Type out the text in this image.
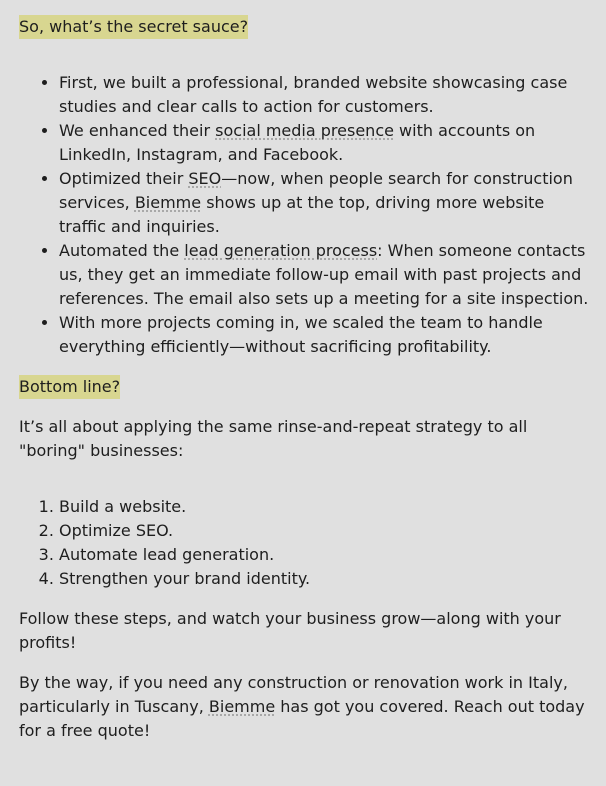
So, what’s the secret sauce?
• First, we built a professional, branded website showcasing case studies and clear calls to action for customers.
• We enhanced their social media presence with accounts on LinkedIn, Instagram, and Facebook.
• Optimized their SEO—now, when people search for construction services, Biemme shows up at the top, driving more website traffic and inquiries.
• Automated the lead generation process: When someone contacts us, they get an immediate follow-up email with past projects and references. The email also sets up a meeting for a site inspection.
• With more projects coming in, we scaled the team to handle everything efficiently—without sacrificing profitability.
Bottom line?

It’s all about applying the same rinse-and-repeat strategy to all "boring" businesses:

1. Build a website.
2. Optimize SEO.
3. Automate lead generation.
4. Strengthen your brand identity.

Follow these steps, and watch your business grow—along with your profits!

By the way, if you need any construction or renovation work in Italy, particularly in Tuscany, Biemme has got you covered. Reach out today for a free quote!
